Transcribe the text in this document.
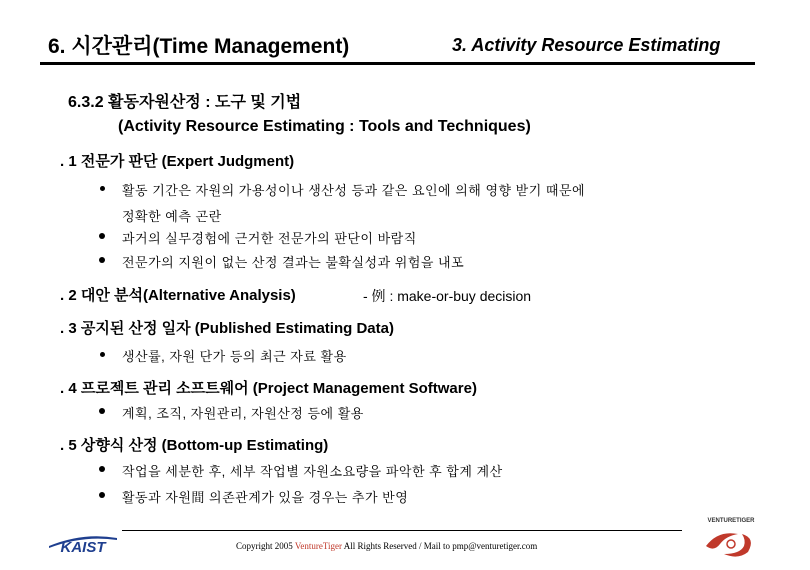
6. 시간관리(Time Management)	3. Activity Resource Estimating
6.3.2 활동자원산정 : 도구 및 기법
(Activity Resource Estimating : Tools and Techniques)
. 1 전문가 판단 (Expert Judgment)
활동 기간은 자원의 가용성이나 생산성 등과 같은 요인에 의해 영향 받기 때문에
정확한 예측 곤란
과거의 실무경험에 근거한 전문가의 판단이 바람직
전문가의 지원이 없는 산정 결과는 불확실성과 위험을 내포
. 2 대안 분석(Alternative Analysis)	- 例 : make-or-buy decision
. 3 공지된 산정 일자 (Published Estimating Data)
생산률, 자원 단가 등의 최근 자료 활용
. 4 프로젝트 관리 소프트웨어 (Project Management Software)
계획, 조직, 자원관리, 자원산정 등에 활용
. 5 상향식 산정 (Bottom-up Estimating)
작업을 세분한 후, 세부 작업별 자원소요량을 파악한 후 합계 계산
활동과 자원間 의존관계가 있을 경우는 추가 반영
KAIST	Copyright 2005 VentureTiger All Rights Reserved / Mail to pmp@venturetiger.com
VENTURETIGER
